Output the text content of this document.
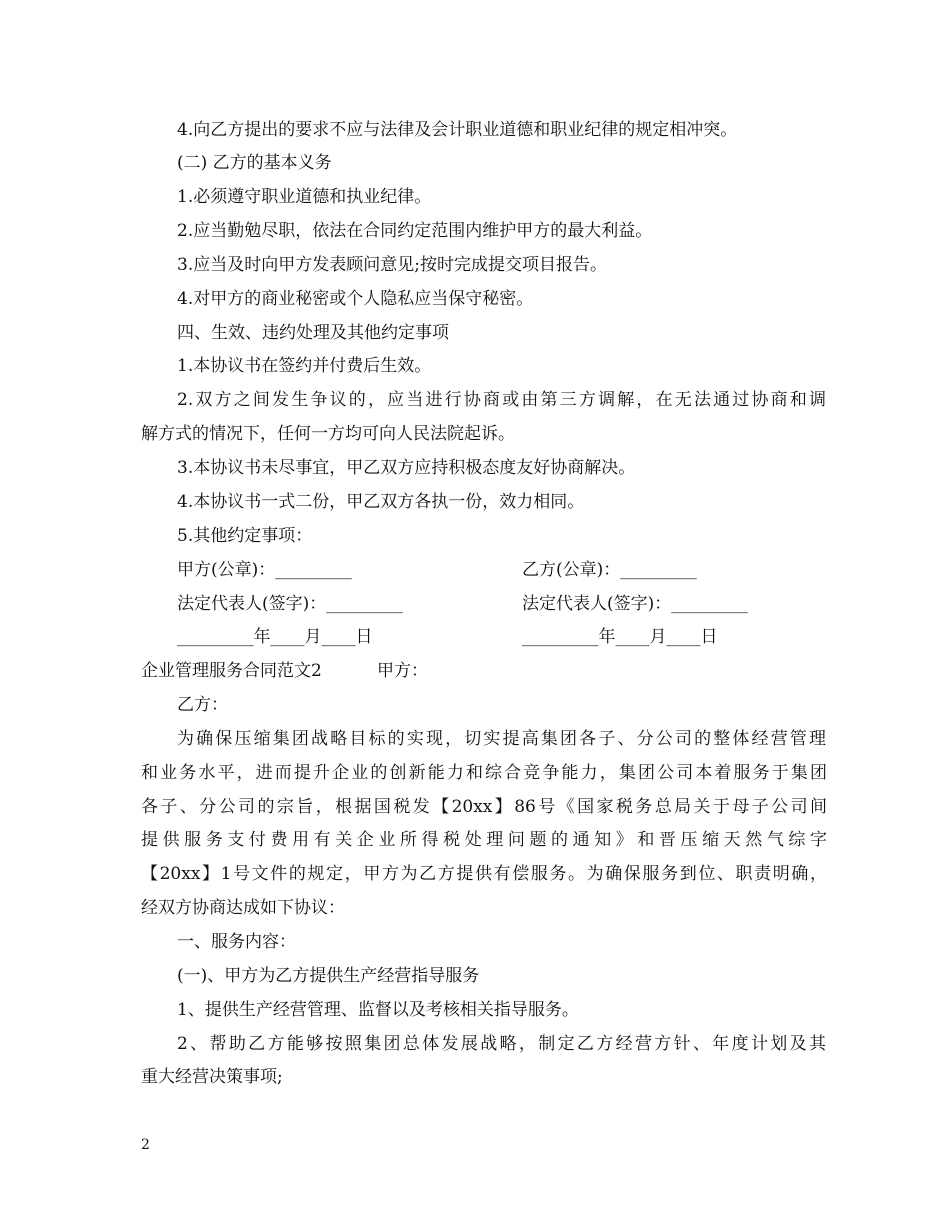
4.向乙方提出的要求不应与法律及会计职业道德和职业纪律的规定相冲突。
(二) 乙方的基本义务
1.必须遵守职业道德和执业纪律。
2.应当勤勉尽职，依法在合同约定范围内维护甲方的最大利益。
3.应当及时向甲方发表顾问意见;按时完成提交项目报告。
4.对甲方的商业秘密或个人隐私应当保守秘密。
四、生效、违约处理及其他约定事项
1.本协议书在签约并付费后生效。
2.双方之间发生争议的，应当进行协商或由第三方调解，在无法通过协商和调
解方式的情况下，任何一方均可向人民法院起诉。
3.本协议书未尽事宜，甲乙双方应持积极态度友好协商解决。
4.本协议书一式二份，甲乙双方各执一份，效力相同。
5.其他约定事项：
甲方(公章)：_________	乙方(公章)：_________
法定代表人(签字)：_________	法定代表人(签字)：_________
_________年____月____日	_________年____月____日
企业管理服务合同范文2	甲方：
乙方：
为确保压缩集团战略目标的实现，切实提高集团各子、分公司的整体经营管理
和业务水平，进而提升企业的创新能力和综合竞争能力，集团公司本着服务于集团
各子、分公司的宗旨，根据国税发【20xx】86号《国家税务总局关于母子公司间
提供服务支付费用有关企业所得税处理问题的通知》和晋压缩天然气综字
【20xx】1号文件的规定，甲方为乙方提供有偿服务。为确保服务到位、职责明确，
经双方协商达成如下协议：
一、服务内容：
(一)、甲方为乙方提供生产经营指导服务
1、提供生产经营管理、监督以及考核相关指导服务。
2、帮助乙方能够按照集团总体发展战略，制定乙方经营方针、年度计划及其
重大经营决策事项;
2
